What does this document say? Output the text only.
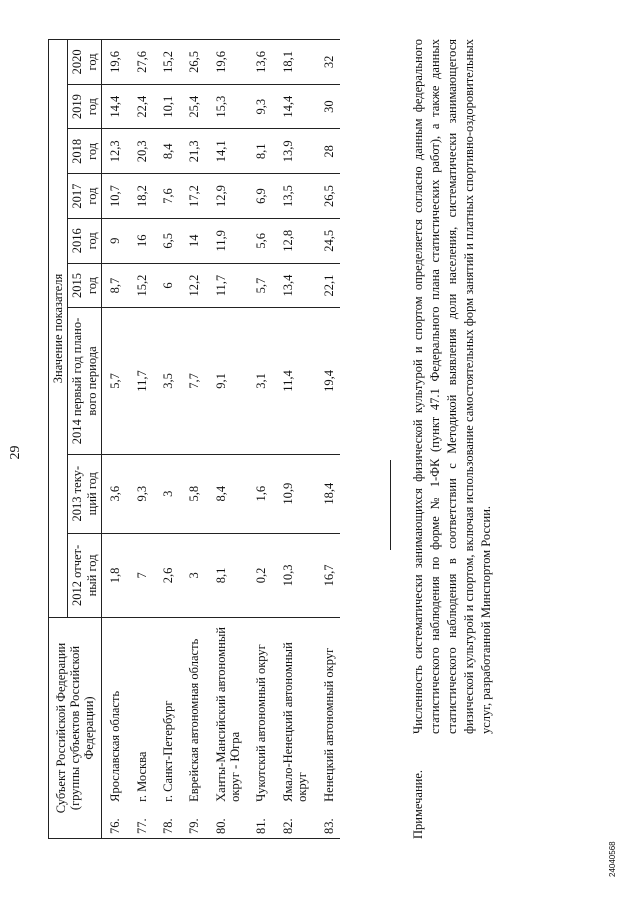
29
Субъект Российской Федерации (группы субъектов Российской Федерации)		Значение показателя								
		2012 отчет-ный год	2013 теку-щий год	2014 первый год плано-вого периода	2015 год	2016 год	2017 год	2018 год	2019 год	2020 год
76.	Ярославская область	1,8	3,6	5,7	8,7	9	10,7	12,3	14,4	19,6
77.	г. Москва	7	9,3	11,7	15,2	16	18,2	20,3	22,4	27,6
78.	г. Санкт-Петербург	2,6	3	3,5	6	6,5	7,6	8,4	10,1	15,2
79.	Еврейская автономная область	3	5,8	7,7	12,2	14	17,2	21,3	25,4	26,5
80.	Ханты-Мансийский автономный округ - Югра	8,1	8,4	9,1	11,7	11,9	12,9	14,1	15,3	19,6
81.	Чукотский автономный округ	0,2	1,6	3,1	5,7	5,6	6,9	8,1	9,3	13,6
82.	Ямало-Ненецкий автономный округ	10,3	10,9	11,4	13,4	12,8	13,5	13,9	14,4	18,1
83.	Ненецкий автономный округ	16,7	18,4	19,4	22,1	24,5	26,5	28	30	32
Примечание.
Численность систематически занимающихся физической культурой и спортом определяется согласно данным федерального статистического наблюдения по форме № 1-ФК (пункт 47.1 Федерального плана статистических работ), а также данных статистического наблюдения в соответствии с Методикой выявления доли населения, систематически занимающегося физической культурой и спортом, включая использование самостоятельных форм занятий и платных спортивно-оздоровительных услуг, разработанной Минспортом России.
24040568
